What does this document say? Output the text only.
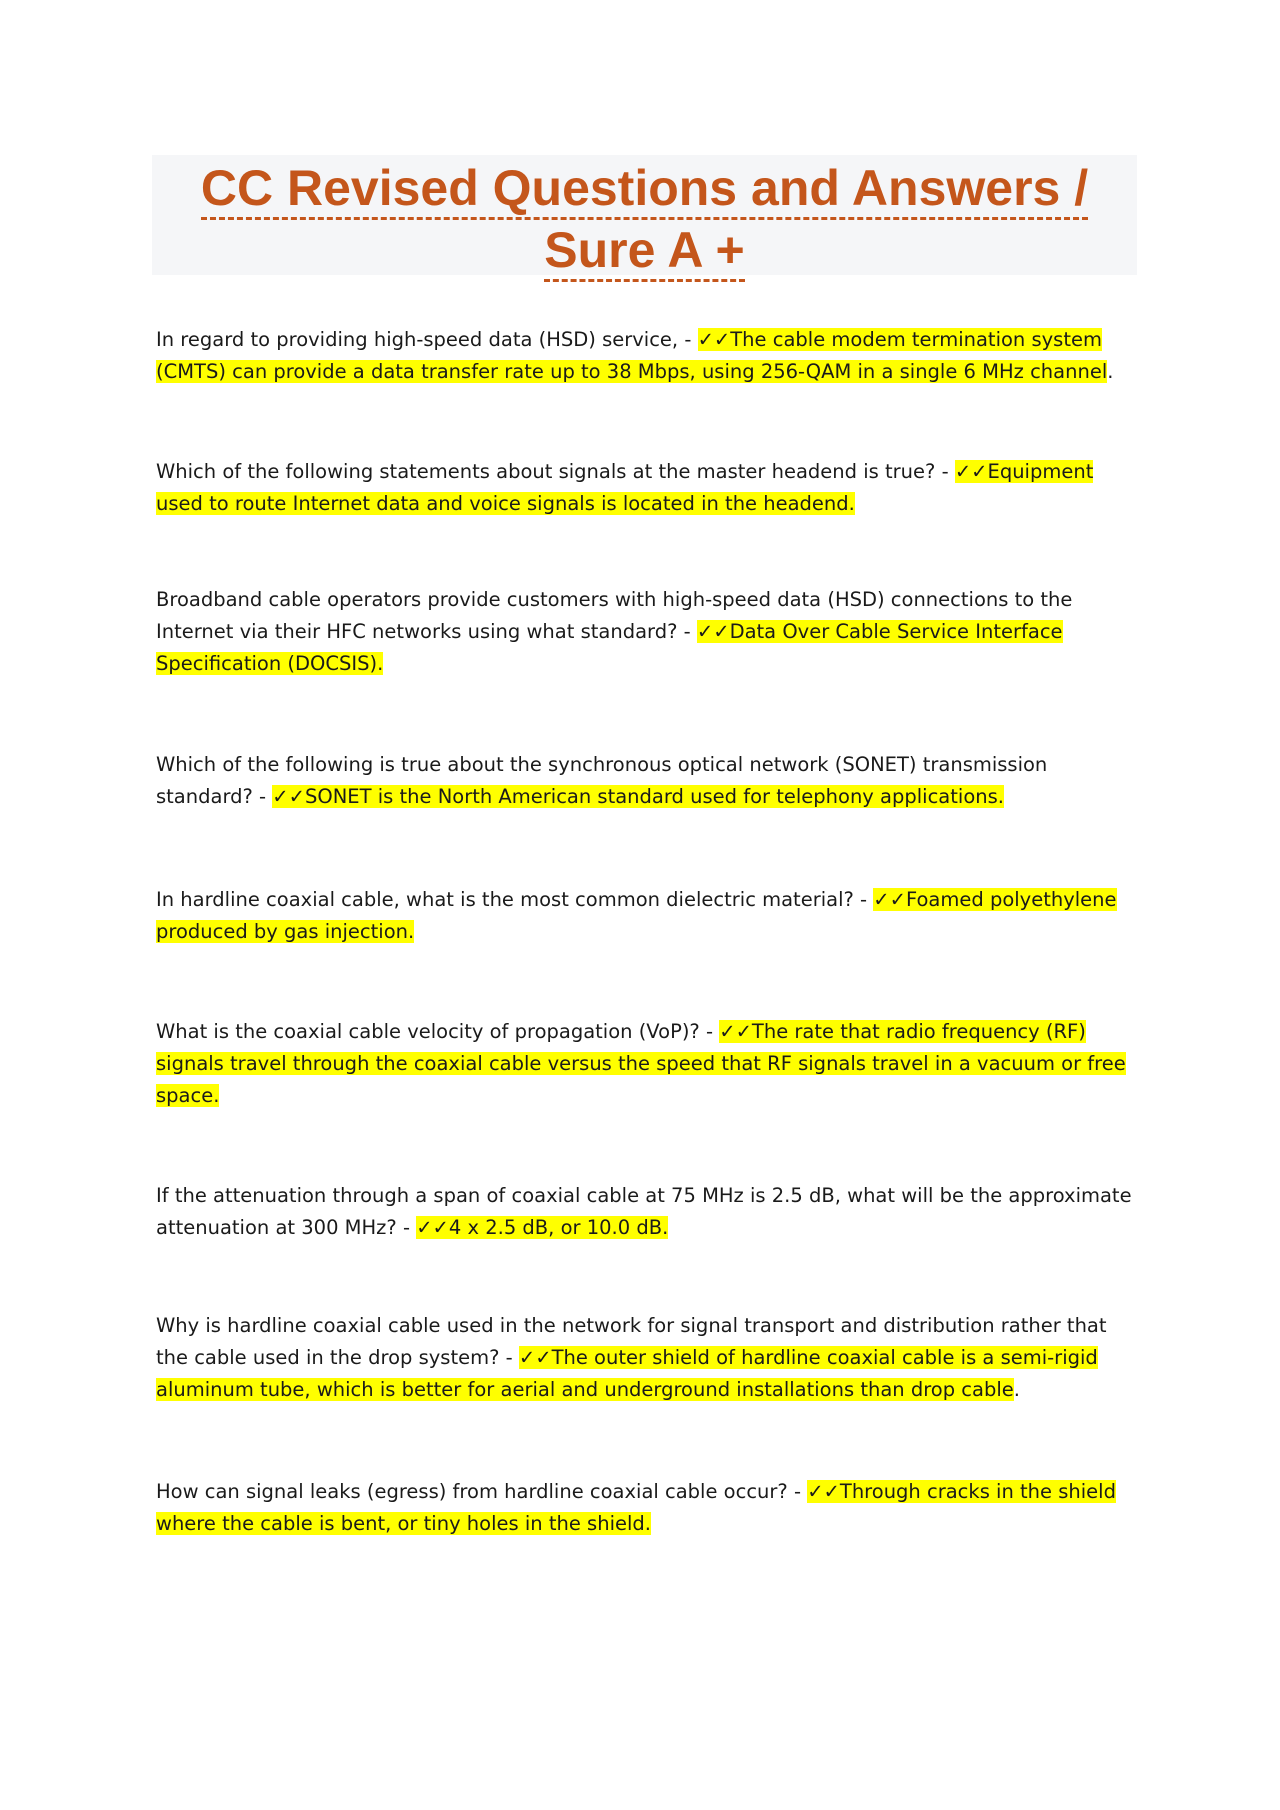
CC Revised Questions and Answers /
Sure A +
In regard to providing high-speed data (HSD) service, - ✓✓The cable modem termination system (CMTS) can provide a data transfer rate up to 38 Mbps, using 256-QAM in a single 6 MHz channel.
Which of the following statements about signals at the master headend is true? - ✓✓Equipment used to route Internet data and voice signals is located in the headend.
Broadband cable operators provide customers with high-speed data (HSD) connections to the Internet via their HFC networks using what standard? - ✓✓Data Over Cable Service Interface Specification (DOCSIS).
Which of the following is true about the synchronous optical network (SONET) transmission standard? - ✓✓SONET is the North American standard used for telephony applications.
In hardline coaxial cable, what is the most common dielectric material? - ✓✓Foamed polyethylene produced by gas injection.
What is the coaxial cable velocity of propagation (VoP)? - ✓✓The rate that radio frequency (RF) signals travel through the coaxial cable versus the speed that RF signals travel in a vacuum or free space.
If the attenuation through a span of coaxial cable at 75 MHz is 2.5 dB, what will be the approximate attenuation at 300 MHz? - ✓✓4 x 2.5 dB, or 10.0 dB.
Why is hardline coaxial cable used in the network for signal transport and distribution rather that the cable used in the drop system? - ✓✓The outer shield of hardline coaxial cable is a semi-rigid aluminum tube, which is better for aerial and underground installations than drop cable.
How can signal leaks (egress) from hardline coaxial cable occur? - ✓✓Through cracks in the shield where the cable is bent, or tiny holes in the shield.
